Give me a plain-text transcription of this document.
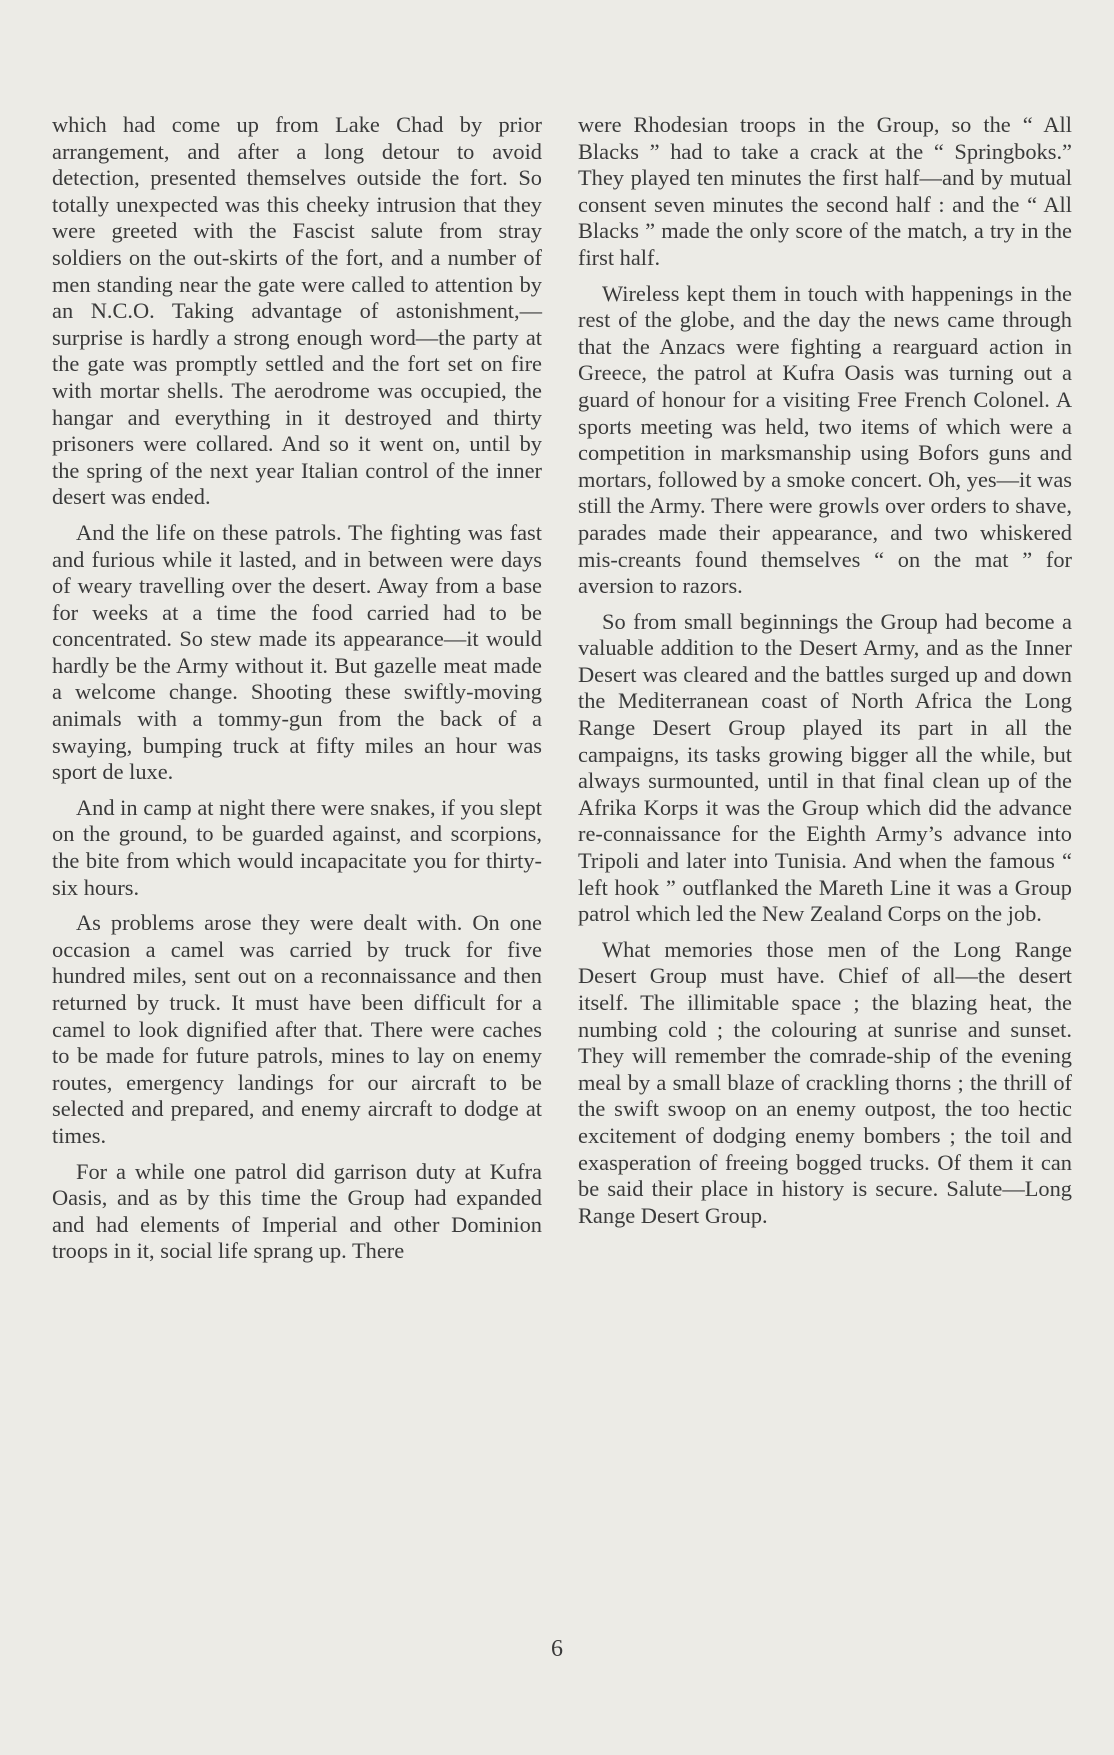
which had come up from Lake Chad by prior arrangement, and after a long detour to avoid detection, presented themselves outside the fort. So totally unexpected was this cheeky intrusion that they were greeted with the Fascist salute from stray soldiers on the out-skirts of the fort, and a number of men standing near the gate were called to attention by an N.C.O. Taking advantage of astonishment,—surprise is hardly a strong enough word—the party at the gate was promptly settled and the fort set on fire with mortar shells. The aerodrome was occupied, the hangar and everything in it destroyed and thirty prisoners were collared. And so it went on, until by the spring of the next year Italian control of the inner desert was ended.

And the life on these patrols. The fighting was fast and furious while it lasted, and in between were days of weary travelling over the desert. Away from a base for weeks at a time the food carried had to be concentrated. So stew made its appearance—it would hardly be the Army without it. But gazelle meat made a welcome change. Shooting these swiftly-moving animals with a tommy-gun from the back of a swaying, bumping truck at fifty miles an hour was sport de luxe.

And in camp at night there were snakes, if you slept on the ground, to be guarded against, and scorpions, the bite from which would incapacitate you for thirty-six hours.

As problems arose they were dealt with. On one occasion a camel was carried by truck for five hundred miles, sent out on a reconnaissance and then returned by truck. It must have been difficult for a camel to look dignified after that. There were caches to be made for future patrols, mines to lay on enemy routes, emergency landings for our aircraft to be selected and prepared, and enemy aircraft to dodge at times.

For a while one patrol did garrison duty at Kufra Oasis, and as by this time the Group had expanded and had elements of Imperial and other Dominion troops in it, social life sprang up. There

were Rhodesian troops in the Group, so the “ All Blacks ” had to take a crack at the “ Springboks.” They played ten minutes the first half—and by mutual consent seven minutes the second half : and the “ All Blacks ” made the only score of the match, a try in the first half.

Wireless kept them in touch with happenings in the rest of the globe, and the day the news came through that the Anzacs were fighting a rearguard action in Greece, the patrol at Kufra Oasis was turning out a guard of honour for a visiting Free French Colonel. A sports meeting was held, two items of which were a competition in marksmanship using Bofors guns and mortars, followed by a smoke concert. Oh, yes—it was still the Army. There were growls over orders to shave, parades made their appearance, and two whiskered mis-creants found themselves “ on the mat ” for aversion to razors.

So from small beginnings the Group had become a valuable addition to the Desert Army, and as the Inner Desert was cleared and the battles surged up and down the Mediterranean coast of North Africa the Long Range Desert Group played its part in all the campaigns, its tasks growing bigger all the while, but always surmounted, until in that final clean up of the Afrika Korps it was the Group which did the advance re-connaissance for the Eighth Army’s advance into Tripoli and later into Tunisia. And when the famous “ left hook ” outflanked the Mareth Line it was a Group patrol which led the New Zealand Corps on the job.

What memories those men of the Long Range Desert Group must have. Chief of all—the desert itself. The illimitable space ; the blazing heat, the numbing cold ; the colouring at sunrise and sunset. They will remember the comrade-ship of the evening meal by a small blaze of crackling thorns ; the thrill of the swift swoop on an enemy outpost, the too hectic excitement of dodging enemy bombers ; the toil and exasperation of freeing bogged trucks. Of them it can be said their place in history is secure. Salute—Long Range Desert Group.

6
